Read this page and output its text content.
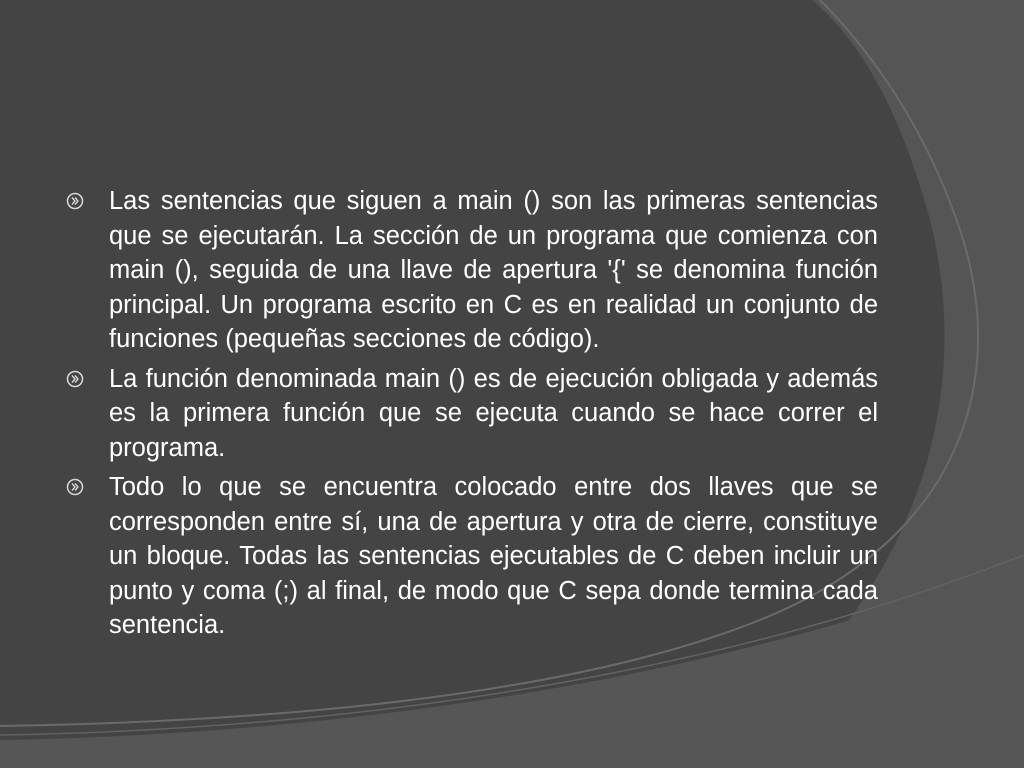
Las sentencias que siguen a main () son las primeras sentencias que se ejecutarán. La sección de un programa que comienza con main (), seguida de una llave de apertura '{' se denomina función principal. Un programa escrito en C es en realidad un conjunto de funciones (pequeñas secciones de código).
La función denominada main () es de ejecución obligada y además es la primera función que se ejecuta cuando se hace correr el programa.
Todo lo que se encuentra colocado entre dos llaves que se corresponden entre sí, una de apertura y otra de cierre, constituye un bloque. Todas las sentencias ejecutables de C deben incluir un punto y coma (;) al final, de modo que C sepa donde termina cada sentencia.
